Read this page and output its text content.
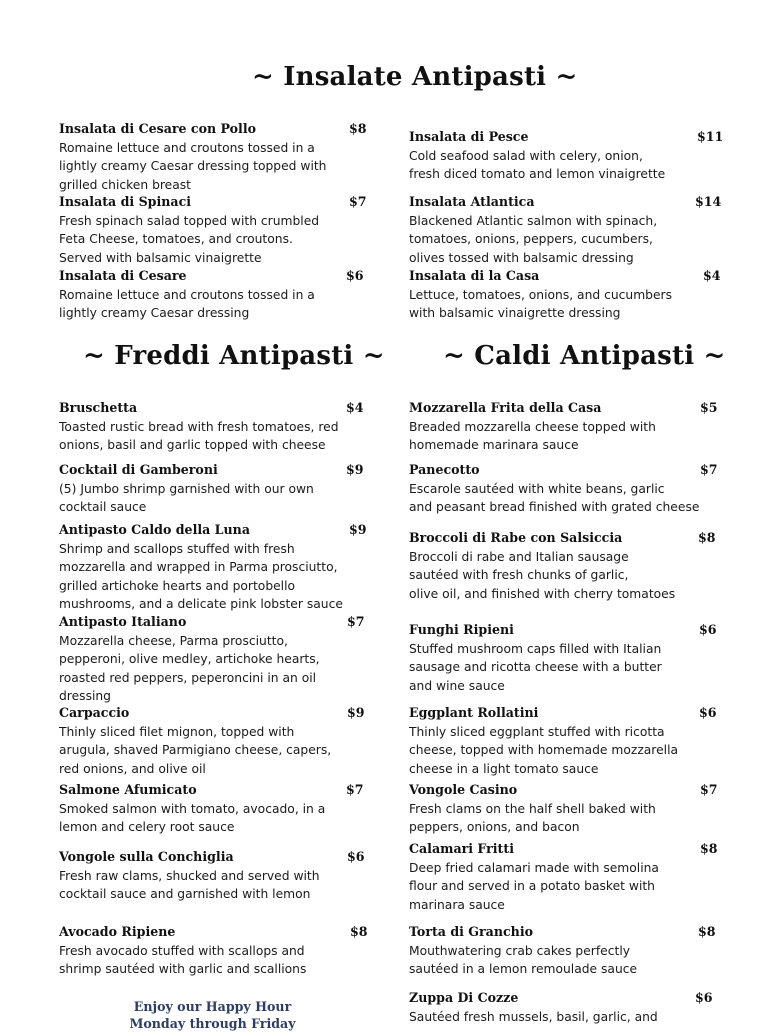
~ Insalate Antipasti ~
~ Freddi Antipasti ~ ~ Caldi Antipasti ~
Insalata di Cesare con Pollo	$8
Romaine lettuce and croutons tossed in a
lightly creamy Caesar dressing topped with
grilled chicken breast
Insalata di Spinaci	$7
Fresh spinach salad topped with crumbled
Feta Cheese, tomatoes, and croutons.
Served with balsamic vinaigrette
Insalata di Cesare	$6
Romaine lettuce and croutons tossed in a
lightly creamy Caesar dressing
Insalata di Pesce	$11
Cold seafood salad with celery, onion,
fresh diced tomato and lemon vinaigrette
Insalata Atlantica	$14
Blackened Atlantic salmon with spinach,
tomatoes, onions, peppers, cucumbers,
olives tossed with balsamic dressing
Insalata di la Casa	$4
Lettuce, tomatoes, onions, and cucumbers
with balsamic vinaigrette dressing
Bruschetta	$4
Toasted rustic bread with fresh tomatoes, red
onions, basil and garlic topped with cheese
Cocktail di Gamberoni	$9
(5) Jumbo shrimp garnished with our own
cocktail sauce
Antipasto Caldo della Luna	$9
Shrimp and scallops stuffed with fresh
mozzarella and wrapped in Parma prosciutto,
grilled artichoke hearts and portobello
mushrooms, and a delicate pink lobster sauce
Antipasto Italiano	$7
Mozzarella cheese, Parma prosciutto,
pepperoni, olive medley, artichoke hearts,
roasted red peppers, peperoncini in an oil
dressing
Carpaccio	$9
Thinly sliced filet mignon, topped with
arugula, shaved Parmigiano cheese, capers,
red onions, and olive oil
Salmone Afumicato	$7
Smoked salmon with tomato, avocado, in a
lemon and celery root sauce
Vongole sulla Conchiglia	$6
Fresh raw clams, shucked and served with
cocktail sauce and garnished with lemon
Avocado Ripiene	$8
Fresh avocado stuffed with scallops and
shrimp sautéed with garlic and scallions
Enjoy our Happy Hour
Monday through Friday
Mozzarella Frita della Casa	$5
Breaded mozzarella cheese topped with
homemade marinara sauce
Panecotto	$7
Escarole sautéed with white beans, garlic
and peasant bread finished with grated cheese
Broccoli di Rabe con Salsiccia	$8
Broccoli di rabe and Italian sausage
sautéed with fresh chunks of garlic,
olive oil, and finished with cherry tomatoes
Funghi Ripieni	$6
Stuffed mushroom caps filled with Italian
sausage and ricotta cheese with a butter
and wine sauce
Eggplant Rollatini	$6
Thinly sliced eggplant stuffed with ricotta
cheese, topped with homemade mozzarella
cheese in a light tomato sauce
Vongole Casino	$7
Fresh clams on the half shell baked with
peppers, onions, and bacon
Calamari Fritti	$8
Deep fried calamari made with semolina
flour and served in a potato basket with
marinara sauce
Torta di Granchio	$8
Mouthwatering crab cakes perfectly
sautéed in a lemon remoulade sauce
Zuppa Di Cozze	$6
Sautéed fresh mussels, basil, garlic, and
